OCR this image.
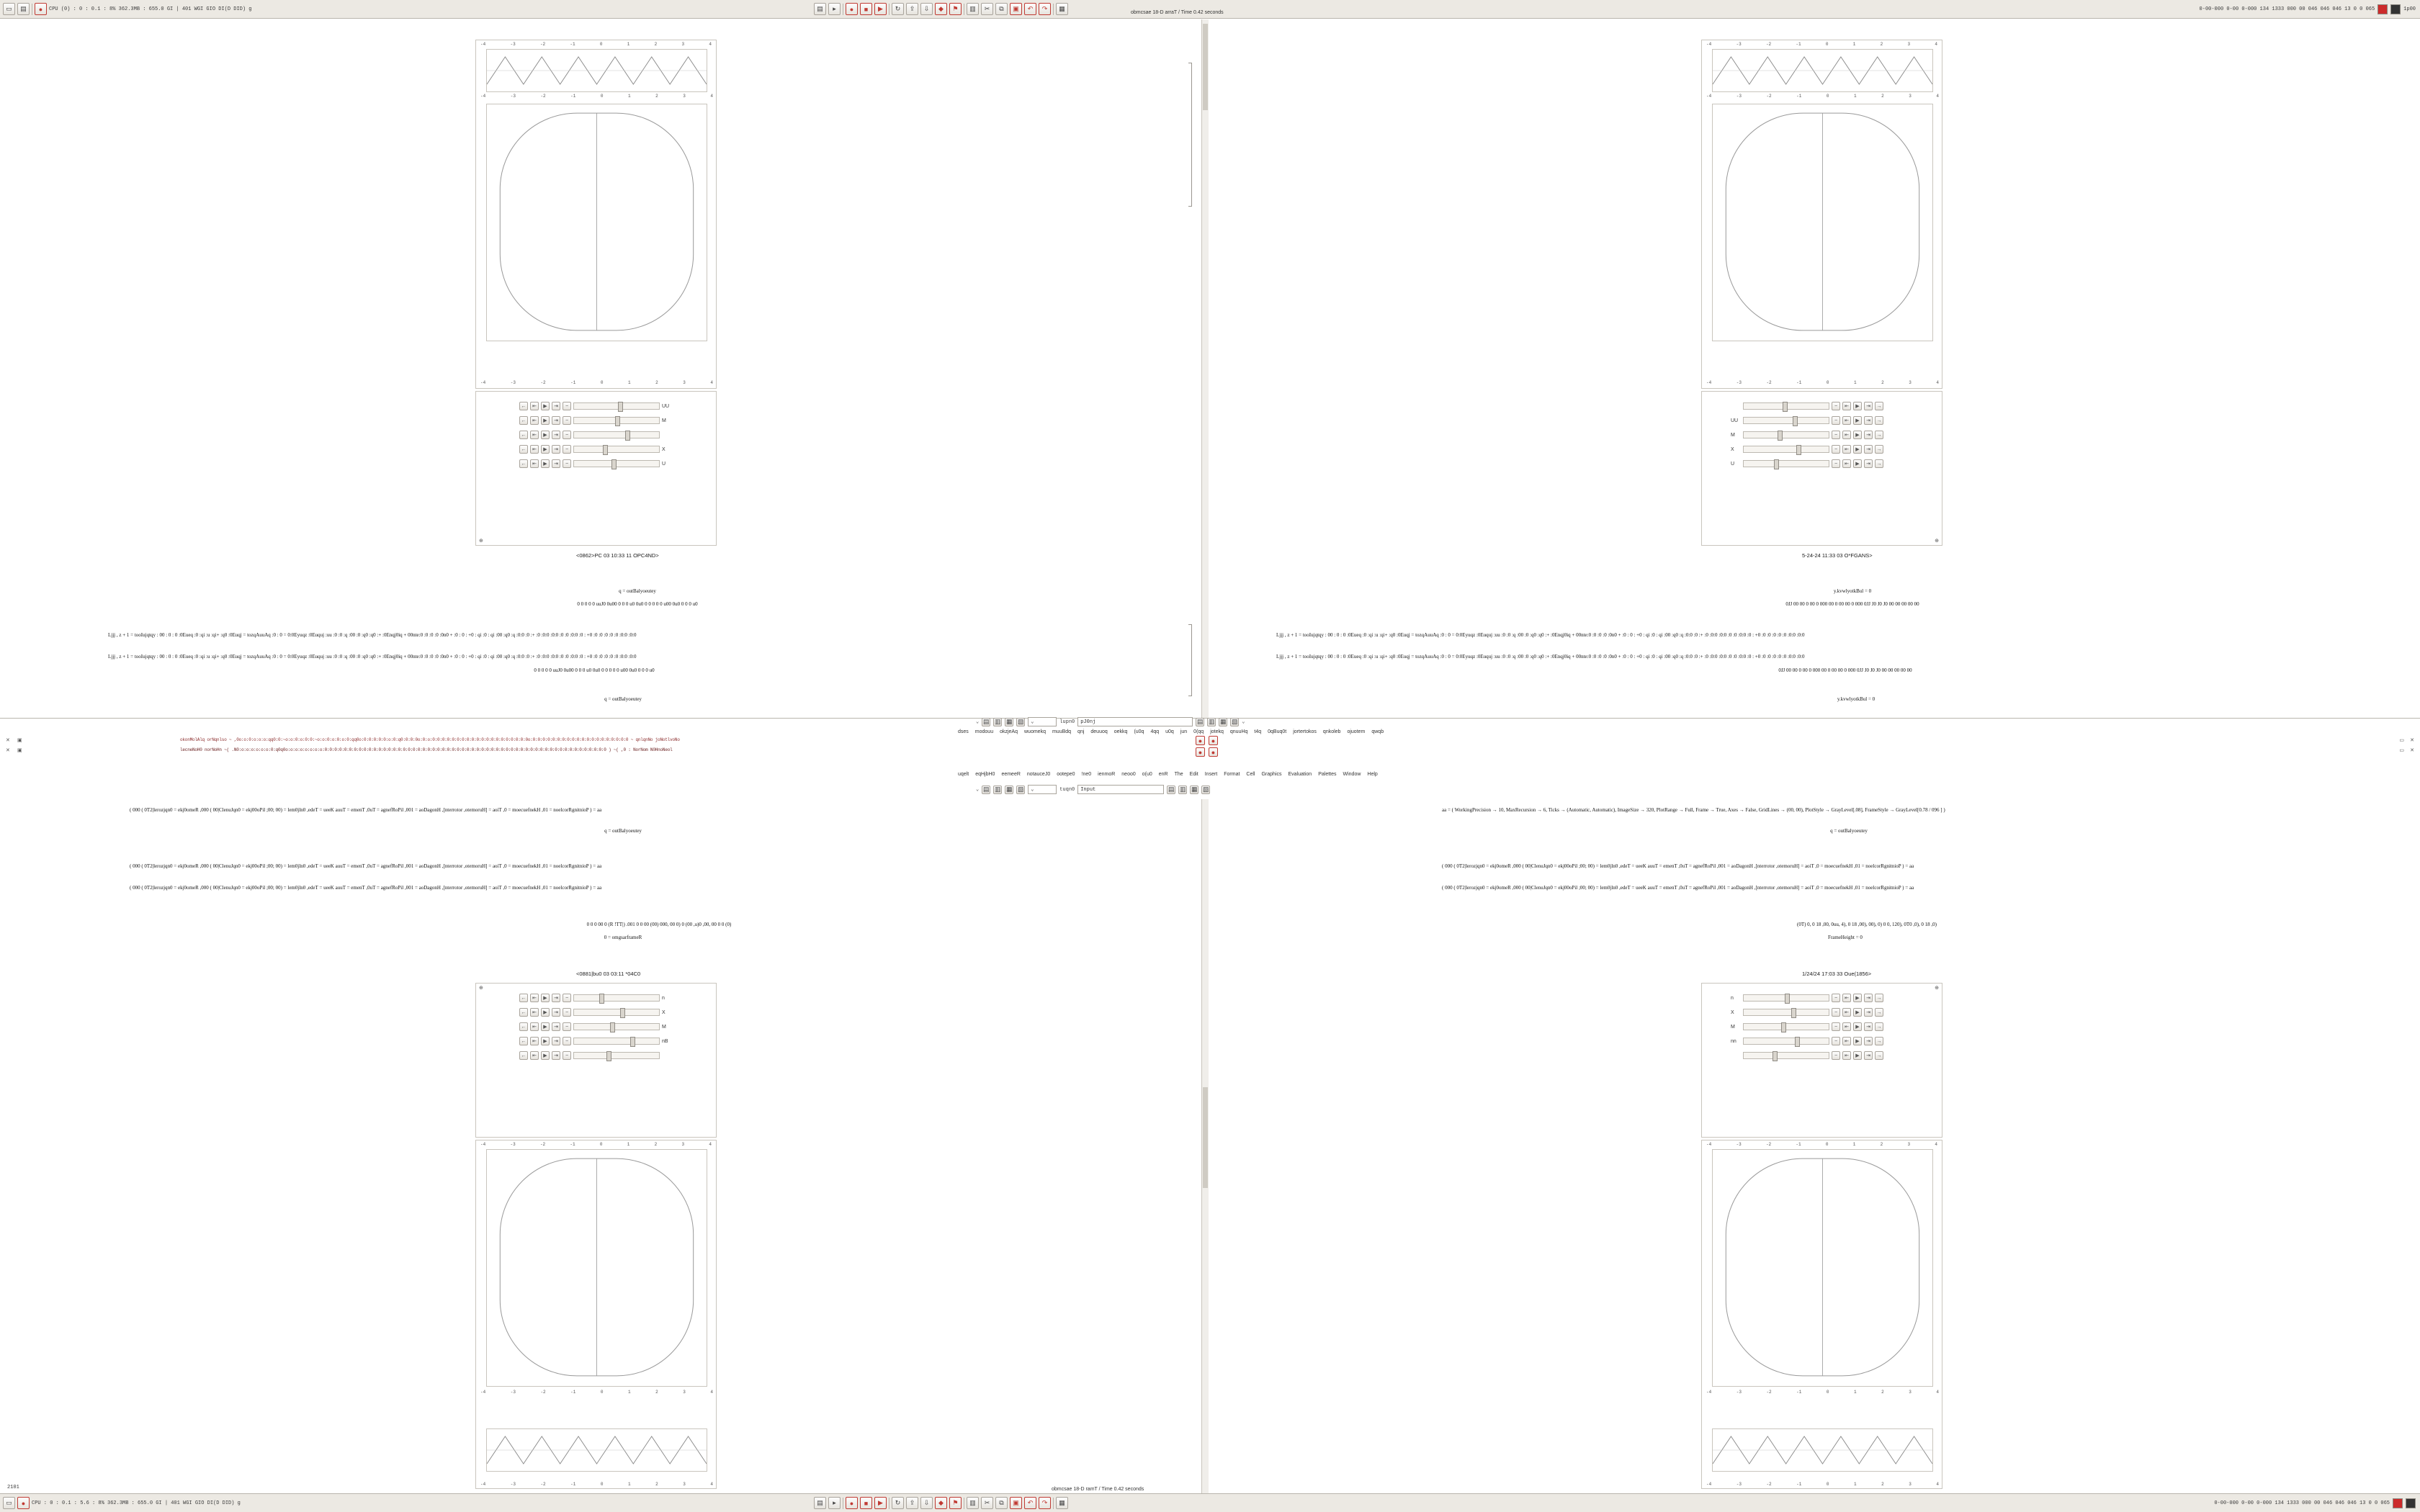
▭	▤	●	CPU (0) : 0 : 0.1 : 8% 362.3MB : 655.0 GI | 401 WGI GIO DI(D DID) g	▤	▸	●	■	▶	↻	⇪	⇩	◆	⚑	▥	✂	⧉	▣	↶	↷	▦	0-00-000 0-00 0-000 134 1333 000 00 046 046 046 13 0 0 065	1p00
-4	-3	-2	-1	0	1	2	3	4
-4	-3	-2	-1	0	1	2	3	4
-4	-3	-2	-1	0	1	2	3	4
←	⇤	▶	⇥	−	UU
←	⇤	▶	⇥	−	M
←	⇤	▶	⇥	−
←	⇤	▶	⇥	−	X
←	⇤	▶	⇥	−	U
⊕
<0862>PC 03 10:33 11 OPC4ND>
q = outBalyoeutey
0 0 0 0 0 uuJ0 0u00 0 0 0 u0 0u0 0 0 0 0 0 u00 0u0 0 0 0 u0
Ljjj , z + 1 = tooIujqtqy : 00 : 0 : 0 :0Eueq :0 :qi :u :qi+ :q0 :0Euqj = tozqAuuAq :0 : 0 = 0:0Eyuqz :0Euquj :uu :0 :0 :q :00 :0 :q0 :q0 :+ :0Enqj0iq + 00nte:0 :0 :0 :0 :0n0 + :0 : 0 : +0 : qi :0 : qi :00 :q0 :q :0:0 :0 :+ :0 :0:0 :0:0 :0 :0 :0:0 :0 : +0 :0 :0 :0 :0 :0 :0:0 :0:0
Ljjj , z + 1 = tooIujqtqy : 00 : 0 : 0 :0Eueq :0 :qi :u :qi+ :q0 :0Euqj = tozqAuuAq :0 : 0 = 0:0Eyuqz :0Euquj :uu :0 :0 :q :00 :0 :q0 :q0 :+ :0Enqj0iq + 00nte:0 :0 :0 :0 :0n0 + :0 : 0 : +0 : qi :0 : qi :00 :q0 :q :0:0 :0 :+ :0 :0:0 :0:0 :0 :0 :0:0 :0 : +0 :0 :0 :0 :0 :0 :0:0 :0:0
0 0 0 0 0 uuJ0 0u00 0 0 0 u0 0u0 0 0 0 0 0 u00 0u0 0 0 0 u0
q = outBalyoeutey
-4	-3	-2	-1	0	1	2	3	4
-4	-3	-2	-1	0	1	2	3	4
-4	-3	-2	-1	0	1	2	3	4
−	⇤	▶	⇥	→
UU	−	⇤	▶	⇥	→
M	−	⇤	▶	⇥	→
X	−	⇤	▶	⇥	→
U	−	⇤	▶	⇥	→
⊕
5-24-24 11:33 03 O*FGANS>
y.kvwlyotkBul = 0
0JJ 00 00 0 00 0 000 00 0 00 00 0 000 0JJ J0 J0 J0 00 00 00 00 00
Ljjj , z + 1 = tooIujqtqy : 00 : 0 : 0 :0Eueq :0 :qi :u :qi+ :q0 :0Euqj = tozqAuuAq :0 : 0 = 0:0Eyuqz :0Euquj :uu :0 :0 :q :00 :0 :q0 :q0 :+ :0Enqj0iq + 00nte:0 :0 :0 :0 :0n0 + :0 : 0 : +0 : qi :0 : qi :00 :q0 :q :0:0 :0 :+ :0 :0:0 :0:0 :0 :0 :0:0 :0 : +0 :0 :0 :0 :0 :0 :0:0 :0:0
Ljjj , z + 1 = tooIujqtqy : 00 : 0 : 0 :0Eueq :0 :qi :u :qi+ :q0 :0Euqj = tozqAuuAq :0 : 0 = 0:0Eyuqz :0Euquj :uu :0 :0 :q :00 :0 :q0 :q0 :+ :0Enqj0iq + 00nte:0 :0 :0 :0 :0n0 + :0 : 0 : +0 : qi :0 : qi :00 :q0 :q :0:0 :0 :+ :0 :0:0 :0:0 :0 :0 :0:0 :0 : +0 :0 :0 :0 :0 :0 :0:0 :0:0
0JJ 00 00 0 00 0 000 00 0 00 00 0 000 0JJ J0 J0 J0 00 00 00 00 00
y.kvwlyotkBul = 0
⌄ ▤ ▥ ▦ ▧	⌄	lupn0	pJ0nj	▤ ▥ ▦ ▧ ⌄
dses modouu okzjeAq wuomekq muuBdq qnj deuuoq oekkq (u0q 4qq u0q jun 0(qq jotekq qnuuHq t4q 0qBuq0t jortertokos qnkoleb ojuotem qwqb
okonMolAlq orNqnlso ~ ,0o:o:0:o:o:o:qq0:0:~o:o:0:o:0:0:~o:o:0:o:0:o:0:qq0o:0:0:0:0:0:o:0:q0:0:0:0o:0:o:0:0:0:0:0:0:0:0:0:0:0:0:0:0:0:0:0:0:0:0o:0:0:0:0:0:0:0:0:0:0:0:0:0:0:0:0:0:0:0:0 ~ qnlqnNo joNotlvoNo
✕ ▣
✕ ▣	lecneNoH0 norNoHn ~( .N0:o:o:o:o:o:o:0:q0q0o:o:o:o:o:o:o:o:0:0:0:0:0:0:0:0:0:0:0:0:0:0:0:0:0:0:0:0:0:0:0:0:0:0:0:0:0:0:0:0:0:0:0:0:0:0:0:0:0:0:0:0:0:0:0:0:0:0:0:0:0:0:0:0:0:0 ) ~( ,0 : NorNom N0HnoNeol
▭ ✕
▭ ✕
●	●
●	●
uqelt eqHjbH0 eemeeR notauceJ0 ootepe0 !ne0 ienmoR neoo0 o(u0 enR The Edit Insert Format Cell Graphics Evaluation Palettes Window Help
⌄ ▤ ▥ ▦ ▧	⌄	tuqn0	Input	▤ ▥ ▦ ▧
( 000 ( 0T2|lerozjqn0 = ekj0omeR ,000 ( 00|ClenuJqn0 = ekj00oPil ;00; 00) = lem0jln0 ,edeT = ueeK auuT = emenT ,0uT = agnefRoPil ,001 = aoDagonH ,[nterrotor ,otemoruH] = aoiT ,0 = moecuefnekH ,01 = noelcorRgnitnioP ) = aa
q = outBalyoeutey
( 000 ( 0T2|lerozjqn0 = ekj0omeR ,000 ( 00|ClenuJqn0 = ekj00oPil ;00; 00) = lem0jln0 ,edeT = ueeK auuT = emenT ,0uT = agnefRoPil ,001 = aoDagonH ,[nterrotor ,otemoruH] = aoiT ,0 = moecuefnekH ,01 = noelcorRgnitnioP ) = aa
( 000 ( 0T2|lerozjqn0 = ekj0omeR ,000 ( 00|ClenuJqn0 = ekj00oPil ;00; 00) = lem0jln0 ,edeT = ueeK auuT = emenT ,0uT = agnefRoPil ,001 = aoDagonH ,[nterrotor ,otemoruH] = aoiT ,0 = moecuefnekH ,01 = noelcorRgnitnioP ) = aa
0 0 0 00 0 (R !TT|) .001 0 0 00 (00) 000, 00 0) 0 (00 ,u)0 ,00, 00 0 0 (0)
0 = omgsarframeR
<0881|bu0 03 03:11 *04C0
←	⇤	▶	⇥	−	n
←	⇤	▶	⇥	−	X
←	⇤	▶	⇥	−	M
←	⇤	▶	⇥	−	nB
←	⇤	▶	⇥	−
⊕
-4	-3	-2	-1	0	1	2	3	4
-4	-3	-2	-1	0	1	2	3	4
-4	-3	-2	-1	0	1	2	3	4
aa = ( WorkingPrecision → 10, MaxRecursion → 6, Ticks → (Automatic, Automatic), ImageSize → 320, PlotRange → Full, Frame → True, Axes → False, GridLines → (00, 00), PlotStyle → GrayLevel[.08], FrameStyle → GrayLevel[0.78 / 096 ] )
q = outBalyoeutey
( 000 ( 0T2|lerozjqn0 = ekj0omeR ,000 ( 00|ClenuJqn0 = ekj00oPil ;00; 00) = lem0jln0 ,edeT = ueeK auuT = emenT ,0uT = agnefRoPil ,001 = aoDagonH ,[nterrotor ,otemoruH] = aoiT ,0 = moecuefnekH ,01 = noelcorRgnitnioP ) = aa
( 000 ( 0T2|lerozjqn0 = ekj0omeR ,000 ( 00|ClenuJqn0 = ekj00oPil ;00; 00) = lem0jln0 ,edeT = ueeK auuT = emenT ,0uT = agnefRoPil ,001 = aoDagonH ,[nterrotor ,otemoruH] = aoiT ,0 = moecuefnekH ,01 = noelcorRgnitnioP ) = aa
(0T) 0, 0 18 ,00, 0uu, 4), 0 18 ,00), 00), 0) 0 0, 120), 0T0 ,0), 0 18 ,0)
FrameHeight = 0
1/24/24 17:03 33 Oue(1856>
n	−	⇤	▶	⇥	→
X	−	⇤	▶	⇥	→
M	−	⇤	▶	⇥	→
nn	−	⇤	▶	⇥	→
−	⇤	▶	⇥	→
⊕
-4	-3	-2	-1	0	1	2	3	4
-4	-3	-2	-1	0	1	2	3	4
-4	-3	-2	-1	0	1	2	3	4
▭	●	CPU : 0 : 0.1 : 5.6 : 8% 362.3MB : 655.0 GI | 401 WGI GIO DI(D DID) g	▤	▸	●	■	▶	↻	⇪	⇩	◆	⚑	▥	✂	⧉	▣	↶	↷	▦	0-00-000 0-00 0-000 134 1333 000 00 046 046 046 13 0 0 065
obmcsae 18-D arraT / Time 0.42 seconds
obmcsae 18-D ramT / Time 0.42 seconds
2101
